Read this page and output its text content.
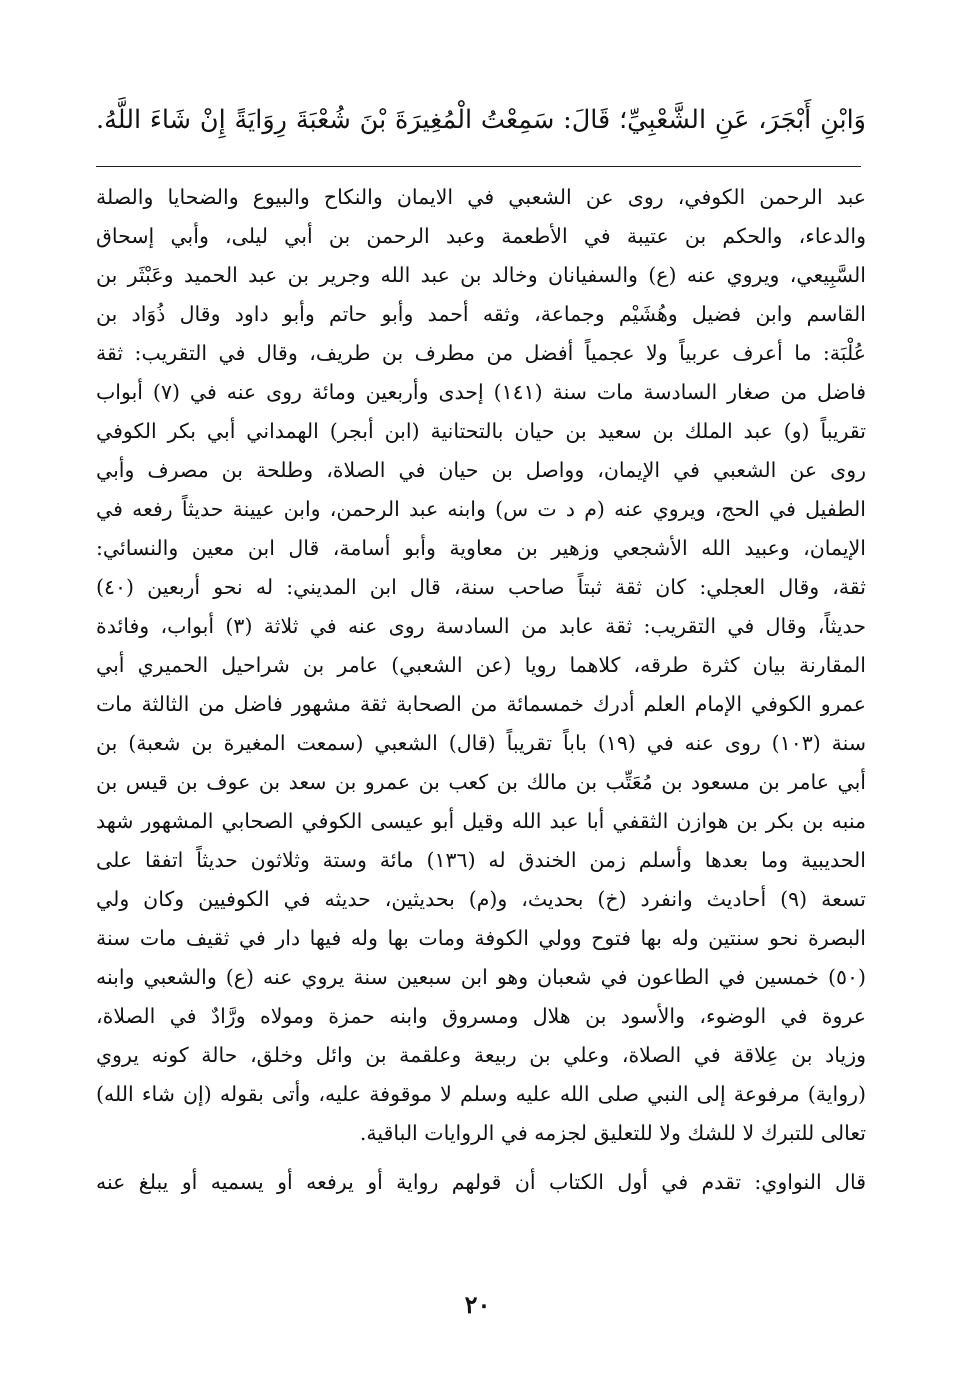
وَابْنِ أَبْجَرَ، عَنِ الشَّعْبِيِّ؛ قَالَ: سَمِعْتُ الْمُغِيرَةَ بْنَ شُعْبَةَ رِوَايَةً إِنْ شَاءَ اللَّهُ.
عبد الرحمن الكوفي، روى عن الشعبي في الايمان والنكاح والبيوع والضحايا والصلة
والدعاء، والحكم بن عتيبة في الأطعمة وعبد الرحمن بن أبي ليلى، وأبي إسحاق
السَّبِيعي، ويروي عنه (ع) والسفيانان وخالد بن عبد الله وجرير بن عبد الحميد وعَبْثَر بن
القاسم وابن فضيل وهُشَيْم وجماعة، وثقه أحمد وأبو حاتم وأبو داود وقال ذُوَاد بن
عُلْبَة: ما أعرف عربياً ولا عجمياً أفضل من مطرف بن طريف، وقال في التقريب: ثقة
فاضل من صغار السادسة مات سنة (١٤١) إحدى وأربعين ومائة روى عنه في (٧) أبواب
تقريباً (و) عبد الملك بن سعيد بن حيان بالتحتانية (ابن أبجر) الهمداني أبي بكر الكوفي
روى عن الشعبي في الإيمان، وواصل بن حيان في الصلاة، وطلحة بن مصرف وأبي
الطفيل في الحج، ويروي عنه (م د ت س) وابنه عبد الرحمن، وابن عيينة حديثاً رفعه في
الإيمان، وعبيد الله الأشجعي وزهير بن معاوية وأبو أسامة، قال ابن معين والنسائي:
ثقة، وقال العجلي: كان ثقة ثبتاً صاحب سنة، قال ابن المديني: له نحو أربعين (٤٠)
حديثاً، وقال في التقريب: ثقة عابد من السادسة روى عنه في ثلاثة (٣) أبواب، وفائدة
المقارنة بيان كثرة طرقه، كلاهما رويا (عن الشعبي) عامر بن شراحيل الحميري أبي
عمرو الكوفي الإمام العلم أدرك خمسمائة من الصحابة ثقة مشهور فاضل من الثالثة مات
سنة (١٠٣) روى عنه في (١٩) باباً تقريباً (قال) الشعبي (سمعت المغيرة بن شعبة) بن
أبي عامر بن مسعود بن مُعَتِّب بن مالك بن كعب بن عمرو بن سعد بن عوف بن قيس بن
منبه بن بكر بن هوازن الثقفي أبا عبد الله وقيل أبو عيسى الكوفي الصحابي المشهور شهد
الحديبية وما بعدها وأسلم زمن الخندق له (١٣٦) مائة وستة وثلاثون حديثاً اتفقا على
تسعة (٩) أحاديث وانفرد (خ) بحديث، و(م) بحديثين، حديثه في الكوفيين وكان ولي
البصرة نحو سنتين وله بها فتوح وولي الكوفة ومات بها وله فيها دار في ثقيف مات سنة
(٥٠) خمسين في الطاعون في شعبان وهو ابن سبعين سنة يروي عنه (ع) والشعبي وابنه
عروة في الوضوء، والأسود بن هلال ومسروق وابنه حمزة ومولاه ورَّادٌ في الصلاة،
وزياد بن عِلاقة في الصلاة، وعلي بن ربيعة وعلقمة بن وائل وخلق، حالة كونه يروي
(رواية) مرفوعة إلى النبي صلى الله عليه وسلم لا موقوفة عليه، وأتى بقوله (إن شاء الله)
تعالى للتبرك لا للشك ولا للتعليق لجزمه في الروايات الباقية.
قال النواوي: تقدم في أول الكتاب أن قولهم رواية أو يرفعه أو يسميه أو يبلغ عنه
٢٠
